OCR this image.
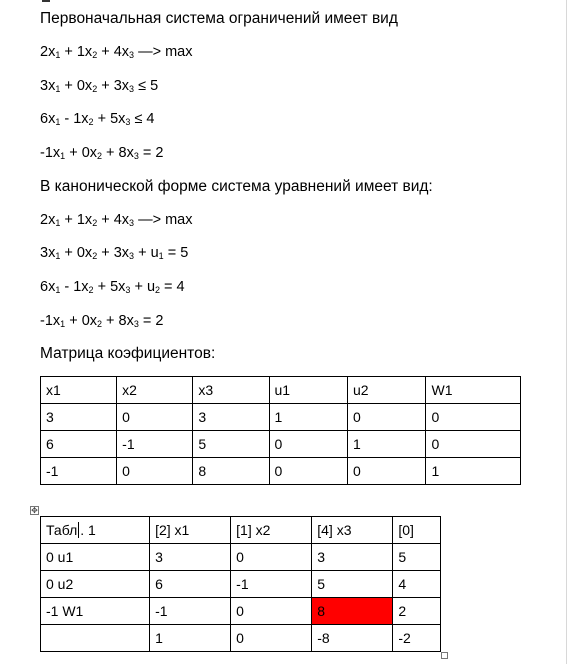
Первоначальная система ограничений имеет вид
$2x_1 + 1x_2 + 4x_3$ —> max
$3x_1 + 0x_2 + 3x_3 \le 5$
$6x_1 - 1x_2 + 5x_3 \le 4$
$-1x_1 + 0x_2 + 8x_3 = 2$
В канонической форме система уравнений имеет вид:
$2x_1 + 1x_2 + 4x_3$ —> max
$3x_1 + 0x_2 + 3x_3 + u_1 = 5$
$6x_1 - 1x_2 + 5x_3 + u_2 = 4$
$-1x_1 + 0x_2 + 8x_3 = 2$
Матрица коэфициентов:
x1	x2	x3	u1	u2	W1
3	0	3	1	0	0
6	-1	5	0	1	0
-1	0	8	0	0	1
✥
Табл . 1	[2] x1	[1] x2	[4] x3	[0]
0 u1	3	0	3	5
0 u2	6	-1	5	4
-1 W1	-1	0	8	2
	1	0	-8	-2
